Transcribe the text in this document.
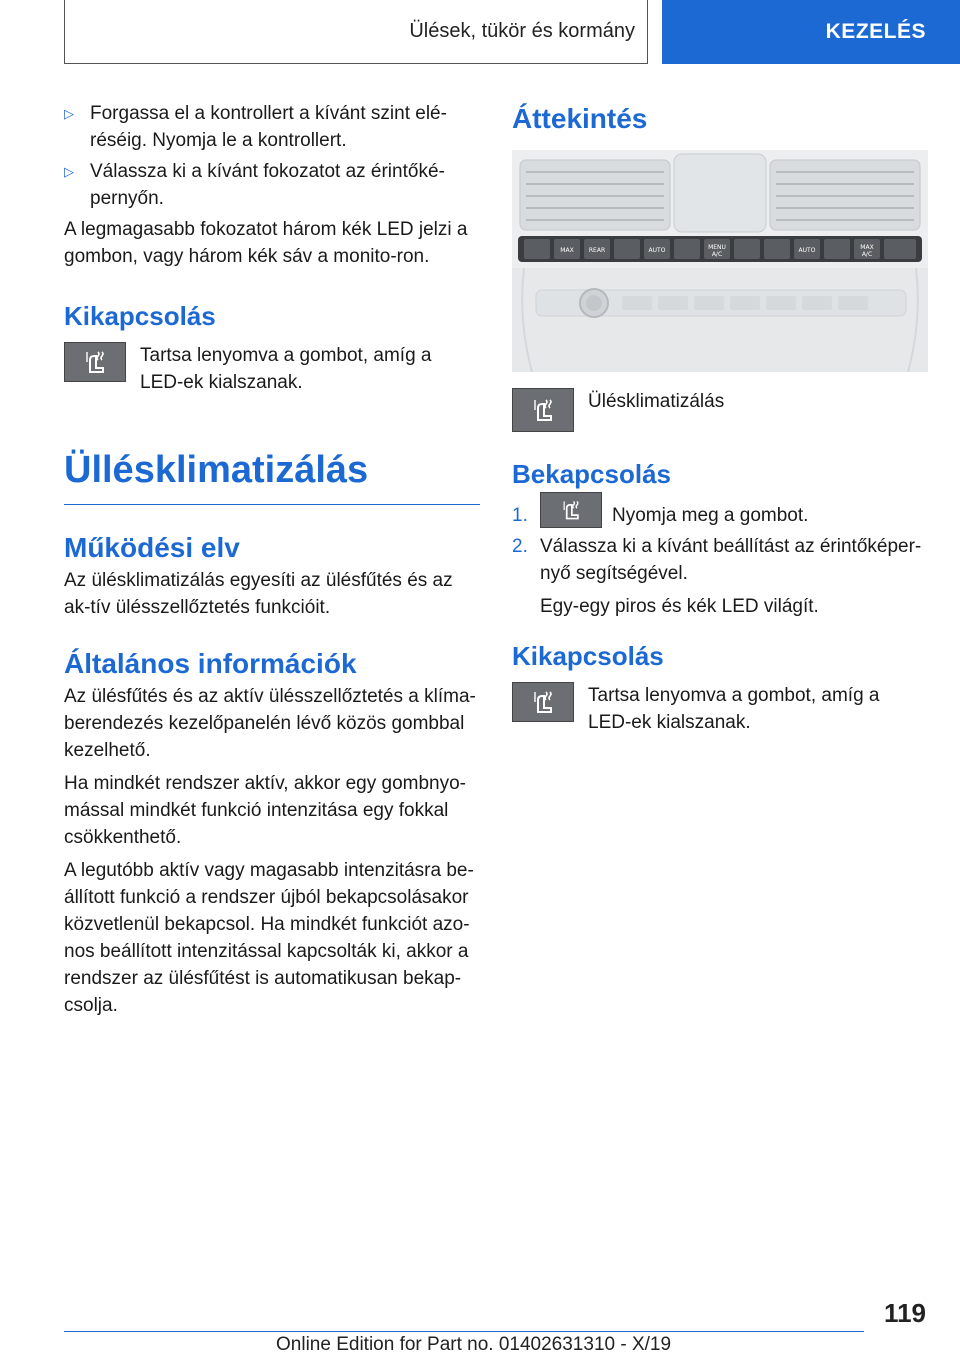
Ülések, tükör és kormány	KEZELÉS
▷ Forgassa el a kontrollert a kívánt szint elé-réséig. Nyomja le a kontrollert.
▷ Válassza ki a kívánt fokozatot az érintőké-pernyőn.

A legmagasabb fokozatot három kék LED jelzi a gombon, vagy három kék sáv a monito-ron.

Kikapcsolás
Tartsa lenyomva a gombot, amíg a LED-ek kialszanak.
Üllésklimatizálás
Működési elv

Az ülésklimatizálás egyesíti az ülésfűtés és az ak-tív ülésszellőztetés funkcióit.

Általános információk

Az ülésfűtés és az aktív ülésszellőztetés a klíma-berendezés kezelőpanelén lévő közös gombbal kezelhető.

Ha mindkét rendszer aktív, akkor egy gombnyo-mással mindkét funkció intenzitása egy fokkal csökkenthető.

A legutóbb aktív vagy magasabb intenzitásra be-állított funkció a rendszer újból bekapcsolásakor közvetlenül bekapcsol. Ha mindkét funkciót azo-nos beállított intenzitással kapcsolták ki, akkor a rendszer az ülésfűtést is automatikusan bekap-csolja.

Áttekintés
MAX	REAR	AUTO	MENU
A/C
AUTO	MAX
A/C
Ülésklimatizálás
Bekapcsolás
1.	Nyomja meg a gombot.
2. Válassza ki a kívánt beállítást az érintőképer-nyő segítségével.

Egy-egy piros és kék LED világít.

Kikapcsolás
Tartsa lenyomva a gombot, amíg a LED-ek kialszanak.
119
Online Edition for Part no. 01402631310 - X/19
